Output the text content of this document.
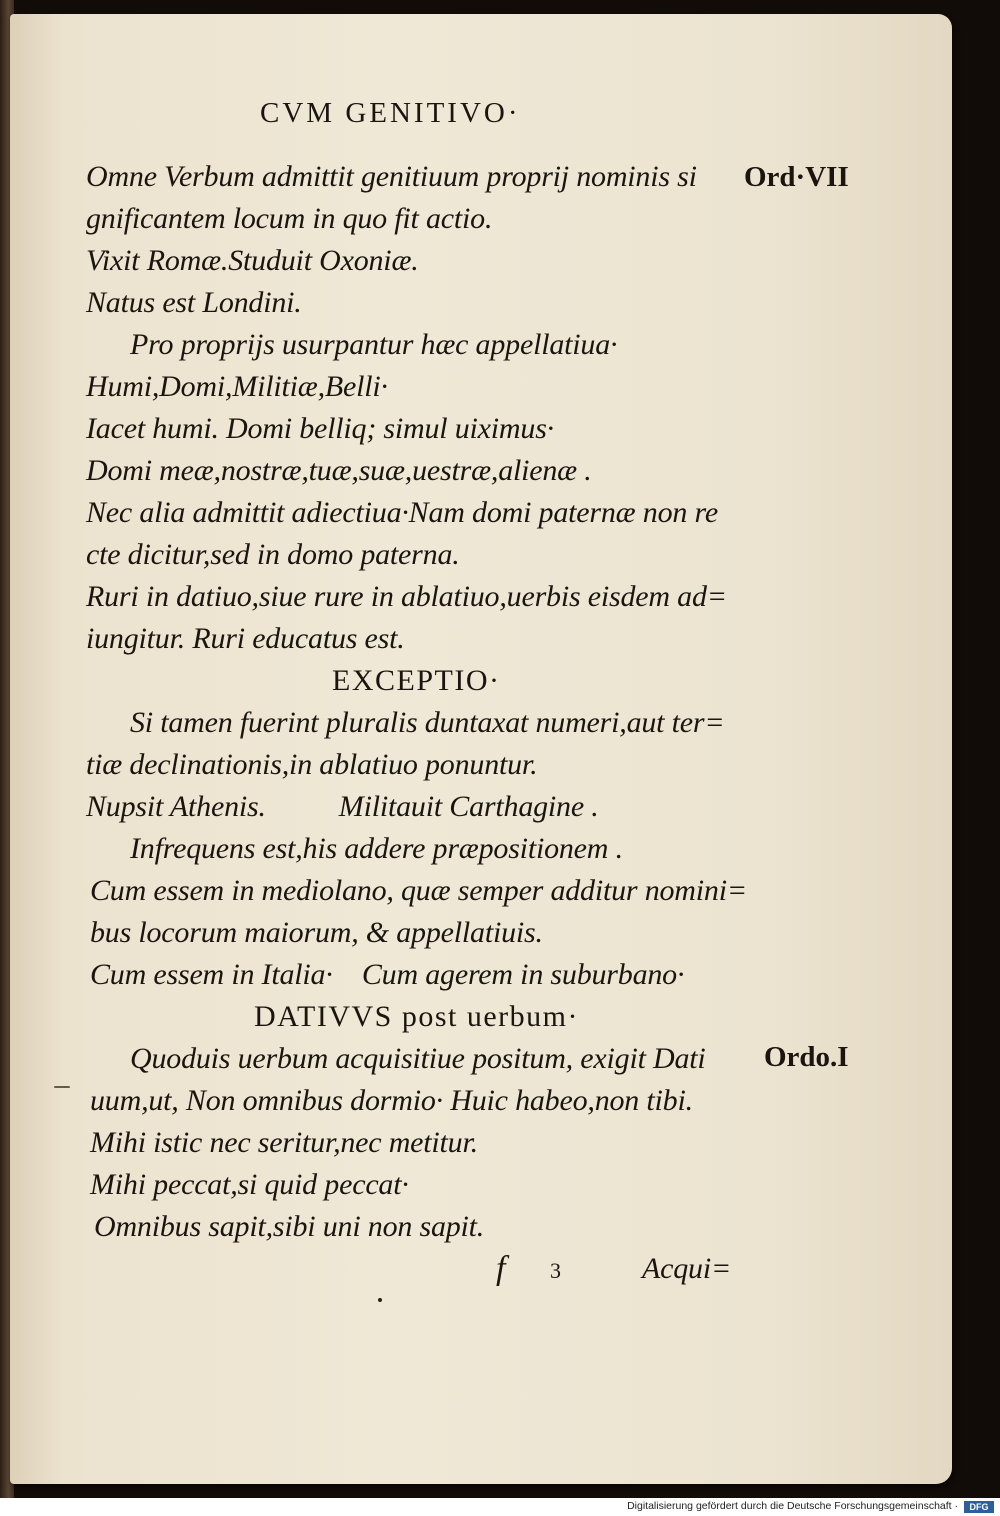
CVM GENITIVO·
Omne Verbum admittit genitiuum proprij nominis si
gnificantem locum in quo fit actio.
Vixit Romæ.Studuit Oxoniæ.
Natus est Londini.
Pro proprijs usurpantur hæc appellatiua·
Humi,Domi,Militiæ,Belli·
Iacet humi. Domi belliq; simul uiximus·
Domi meæ,nostræ,tuæ,suæ,uestræ,alienæ .
Nec alia admittit adiectiua·Nam domi paternæ non re
cte dicitur,sed in domo paterna.
Ruri in datiuo,siue rure in ablatiuo,uerbis eisdem ad=
iungitur. Ruri educatus est.
EXCEPTIO·
Si tamen fuerint pluralis duntaxat numeri,aut ter=
tiæ declinationis,in ablatiuo ponuntur.
Nupsit Athenis.          Militauit Carthagine .
Infrequens est,his addere præpositionem .
Cum essem in mediolano, quæ semper additur nomini=
bus locorum maiorum, & appellatiuis.
Cum essem in Italia·    Cum agerem in suburbano·
DATIVVS post uerbum·
Quoduis uerbum acquisitiue positum, exigit Dati
uum,ut, Non omnibus dormio· Huic habeo,non tibi.
Mihi istic nec seritur,nec metitur.
Mihi peccat,si quid peccat·
Omnibus sapit,sibi uni non sapit.
Ord·VII
Ordo.I
f 3	Acqui=
Digitalisierung gefördert durch die Deutsche Forschungsgemeinschaft ·	DFG
